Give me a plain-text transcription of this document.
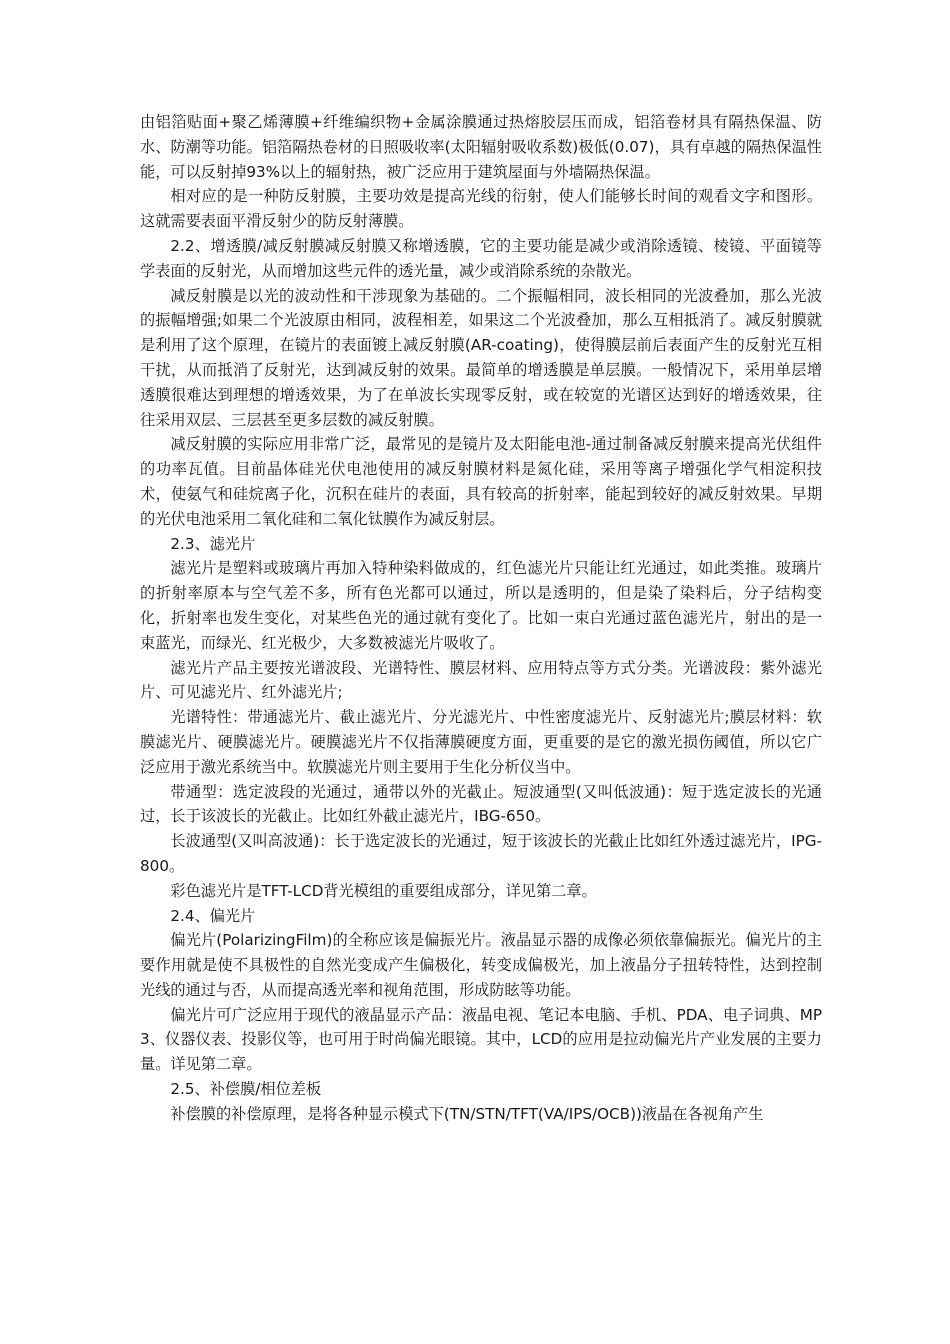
由铝箔贴面+聚乙烯薄膜+纤维编织物+金属涂膜通过热熔胶层压而成，铝箔卷材具有隔热保温、防水、防潮等功能。铝箔隔热卷材的日照吸收率(太阳辐射吸收系数)极低(0.07)，具有卓越的隔热保温性能，可以反射掉93%以上的辐射热，被广泛应用于建筑屋面与外墙隔热保温。

相对应的是一种防反射膜，主要功效是提高光线的衍射，使人们能够长时间的观看文字和图形。这就需要表面平滑反射少的防反射薄膜。

2.2、增透膜/减反射膜减反射膜又称增透膜，它的主要功能是减少或消除透镜、棱镜、平面镜等学表面的反射光，从而增加这些元件的透光量，减少或消除系统的杂散光。

减反射膜是以光的波动性和干涉现象为基础的。二个振幅相同，波长相同的光波叠加，那么光波的振幅增强;如果二个光波原由相同，波程相差，如果这二个光波叠加，那么互相抵消了。减反射膜就是利用了这个原理，在镜片的表面镀上减反射膜(AR-coating)，使得膜层前后表面产生的反射光互相干扰，从而抵消了反射光，达到减反射的效果。最简单的增透膜是单层膜。一般情况下，采用单层增透膜很难达到理想的增透效果，为了在单波长实现零反射，或在较宽的光谱区达到好的增透效果，往往采用双层、三层甚至更多层数的减反射膜。

减反射膜的实际应用非常广泛，最常见的是镜片及太阳能电池-通过制备减反射膜来提高光伏组件的功率瓦值。目前晶体硅光伏电池使用的减反射膜材料是氮化硅，采用等离子增强化学气相淀积技术，使氨气和硅烷离子化，沉积在硅片的表面，具有较高的折射率，能起到较好的减反射效果。早期的光伏电池采用二氧化硅和二氧化钛膜作为减反射层。

2.3、滤光片

滤光片是塑料或玻璃片再加入特种染料做成的，红色滤光片只能让红光通过，如此类推。玻璃片的折射率原本与空气差不多，所有色光都可以通过，所以是透明的，但是染了染料后，分子结构变化，折射率也发生变化，对某些色光的通过就有变化了。比如一束白光通过蓝色滤光片，射出的是一束蓝光，而绿光、红光极少，大多数被滤光片吸收了。

滤光片产品主要按光谱波段、光谱特性、膜层材料、应用特点等方式分类。光谱波段：紫外滤光片、可见滤光片、红外滤光片;

光谱特性：带通滤光片、截止滤光片、分光滤光片、中性密度滤光片、反射滤光片;膜层材料：软膜滤光片、硬膜滤光片。硬膜滤光片不仅指薄膜硬度方面，更重要的是它的激光损伤阈值，所以它广泛应用于激光系统当中。软膜滤光片则主要用于生化分析仪当中。

带通型：选定波段的光通过，通带以外的光截止。短波通型(又叫低波通)：短于选定波长的光通过，长于该波长的光截止。比如红外截止滤光片，IBG-650。

长波通型(又叫高波通)：长于选定波长的光通过，短于该波长的光截止比如红外透过滤光片，IPG-800。

彩色滤光片是TFT-LCD背光模组的重要组成部分，详见第二章。

2.4、偏光片

偏光片(PolarizingFilm)的全称应该是偏振光片。液晶显示器的成像必须依靠偏振光。偏光片的主要作用就是使不具极性的自然光变成产生偏极化，转变成偏极光，加上液晶分子扭转特性，达到控制光线的通过与否，从而提高透光率和视角范围，形成防眩等功能。

偏光片可广泛应用于现代的液晶显示产品：液晶电视、笔记本电脑、手机、PDA、电子词典、MP3、仪器仪表、投影仪等，也可用于时尚偏光眼镜。其中，LCD的应用是拉动偏光片产业发展的主要力量。详见第二章。

2.5、补偿膜/相位差板

补偿膜的补偿原理，是将各种显示模式下(TN/STN/TFT(VA/IPS/OCB))液晶在各视角产生
